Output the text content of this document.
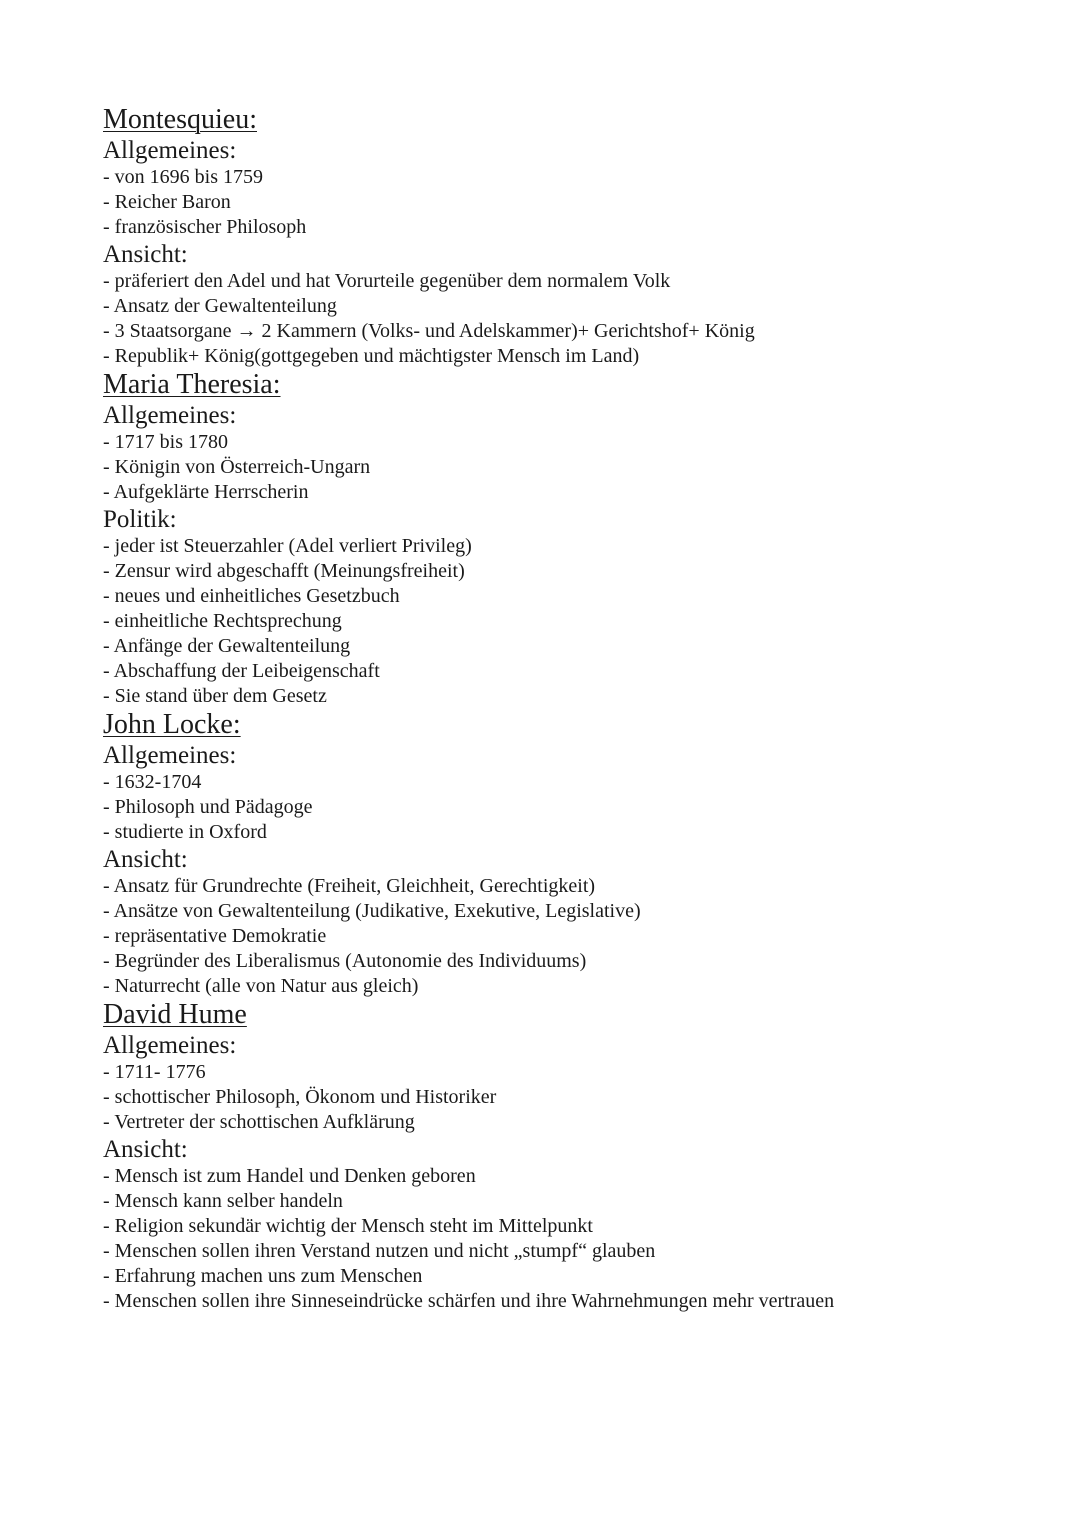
Montesquieu:
Allgemeines:
- von 1696 bis 1759
- Reicher Baron
- französischer Philosoph
Ansicht:
- präferiert den Adel und hat Vorurteile gegenüber dem normalem Volk
- Ansatz der Gewaltenteilung
- 3 Staatsorgane → 2 Kammern (Volks- und Adelskammer)+ Gerichtshof+ König
- Republik+ König(gottgegeben und mächtigster Mensch im Land)
Maria Theresia:
Allgemeines:
- 1717 bis 1780
- Königin von Österreich-Ungarn
- Aufgeklärte Herrscherin
Politik:
- jeder ist Steuerzahler (Adel verliert Privileg)
- Zensur wird abgeschafft (Meinungsfreiheit)
- neues und einheitliches Gesetzbuch
- einheitliche Rechtsprechung
- Anfänge der Gewaltenteilung
- Abschaffung der Leibeigenschaft
- Sie stand über dem Gesetz
John Locke:
Allgemeines:
- 1632-1704
- Philosoph und Pädagoge
- studierte in Oxford
Ansicht:
- Ansatz für Grundrechte (Freiheit, Gleichheit, Gerechtigkeit)
- Ansätze von Gewaltenteilung (Judikative, Exekutive, Legislative)
- repräsentative Demokratie
- Begründer des Liberalismus (Autonomie des Individuums)
- Naturrecht (alle von Natur aus gleich)
David Hume
Allgemeines:
- 1711- 1776
- schottischer Philosoph, Ökonom und Historiker
- Vertreter der schottischen Aufklärung
Ansicht:
- Mensch ist zum Handel und Denken geboren
- Mensch kann selber handeln
- Religion sekundär wichtig der Mensch steht im Mittelpunkt
- Menschen sollen ihren Verstand nutzen und nicht „stumpf“ glauben
- Erfahrung machen uns zum Menschen
- Menschen sollen ihre Sinneseindrücke schärfen und ihre Wahrnehmungen mehr vertrauen
